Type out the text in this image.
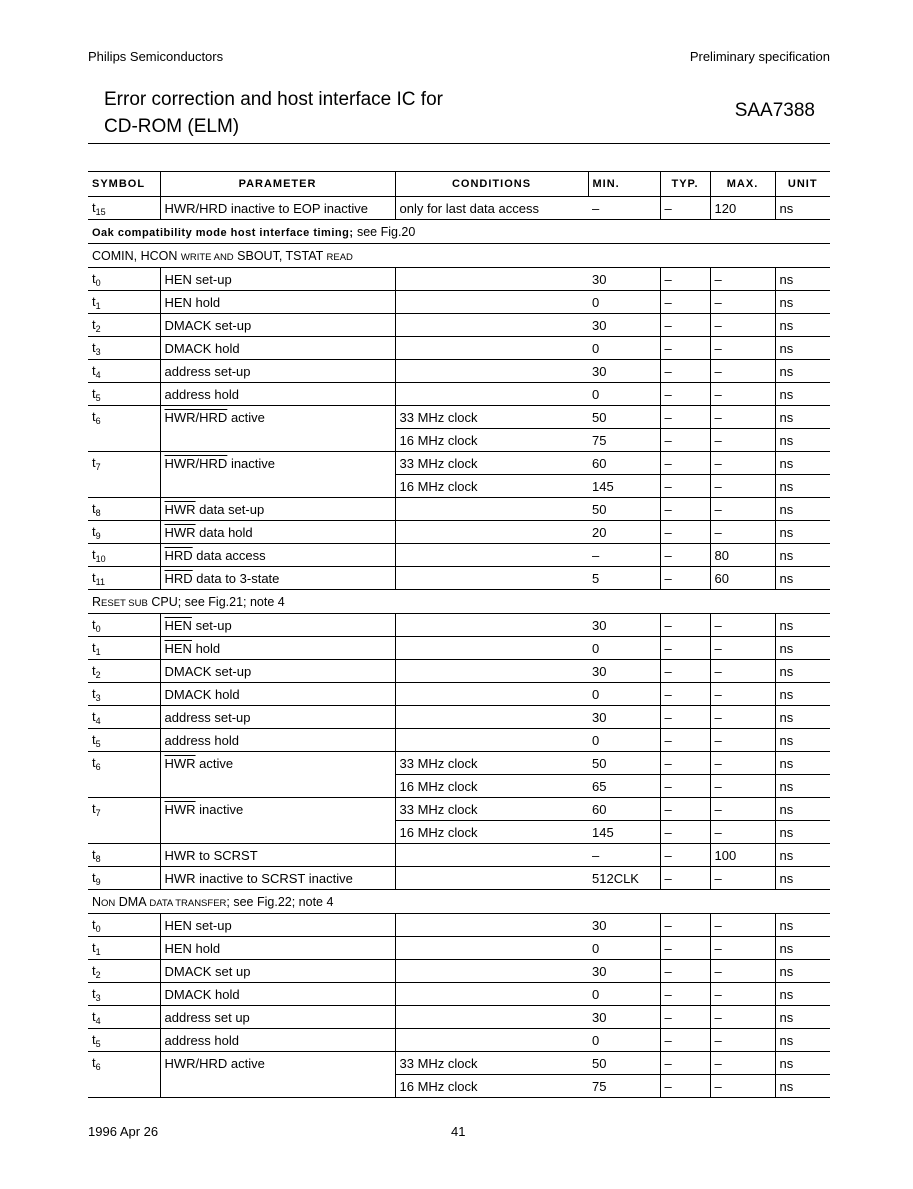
Philips Semiconductors	Preliminary specification
Error correction and host interface IC for
CD-ROM (ELM)
SAA7388
SYMBOL	PARAMETER	CONDITIONS	MIN.	TYP.	MAX.	UNIT
$t_{15}$	HWR/HRD inactive to EOP inactive	only for last data access	–	–	120	ns
Oak compatibility mode host interface timing; see Fig.20						
COMIN, HCON WRITE AND SBOUT, TSTAT READ						
$t_0$	HEN set-up		30	–	–	ns
$t_1$	HEN hold		0	–	–	ns
$t_2$	DMACK set-up		30	–	–	ns
$t_3$	DMACK hold		0	–	–	ns
$t_4$	address set-up		30	–	–	ns
$t_5$	address hold		0	–	–	ns
$t_6$	HWR/HRD active	33 MHz clock	50	–	–	ns
		16 MHz clock	75	–	–	ns
$t_7$	HWR/HRD inactive	33 MHz clock	60	–	–	ns
		16 MHz clock	145	–	–	ns
$t_8$	$\overline{HWR}$ data set-up		50	–	–	ns
$t_9$	$\overline{HWR}$ data hold		20	–	–	ns
$t_{10}$	$\overline{HRD}$ data access		–	–	80	ns
$t_{11}$	$\overline{HRD}$ data to 3-state		5	–	60	ns
RESET SUB CPU; see Fig.21; note 4						
$t_0$	$\overline{HEN}$ set-up		30	–	–	ns
$t_1$	$\overline{HEN}$ hold		0	–	–	ns
$t_2$	DMACK set-up		30	–	–	ns
$t_3$	DMACK hold		0	–	–	ns
$t_4$	address set-up		30	–	–	ns
$t_5$	address hold		0	–	–	ns
$t_6$	$\overline{HWR}$ active	33 MHz clock	50	–	–	ns
		16 MHz clock	65	–	–	ns
$t_7$	$\overline{HWR}$ inactive	33 MHz clock	60	–	–	ns
		16 MHz clock	145	–	–	ns
$t_8$	HWR to SCRST		–	–	100	ns
$t_9$	HWR inactive to SCRST inactive		512CLK	–	–	ns
NON DMA DATA TRANSFER; see Fig.22; note 4						
$t_0$	HEN set-up		30	–	–	ns
$t_1$	HEN hold		0	–	–	ns
$t_2$	DMACK set up		30	–	–	ns
$t_3$	DMACK hold		0	–	–	ns
$t_4$	address set up		30	–	–	ns
$t_5$	address hold		0	–	–	ns
$t_6$	HWR/HRD active	33 MHz clock	50	–	–	ns
		16 MHz clock	75	–	–	ns
1996 Apr 26	41
